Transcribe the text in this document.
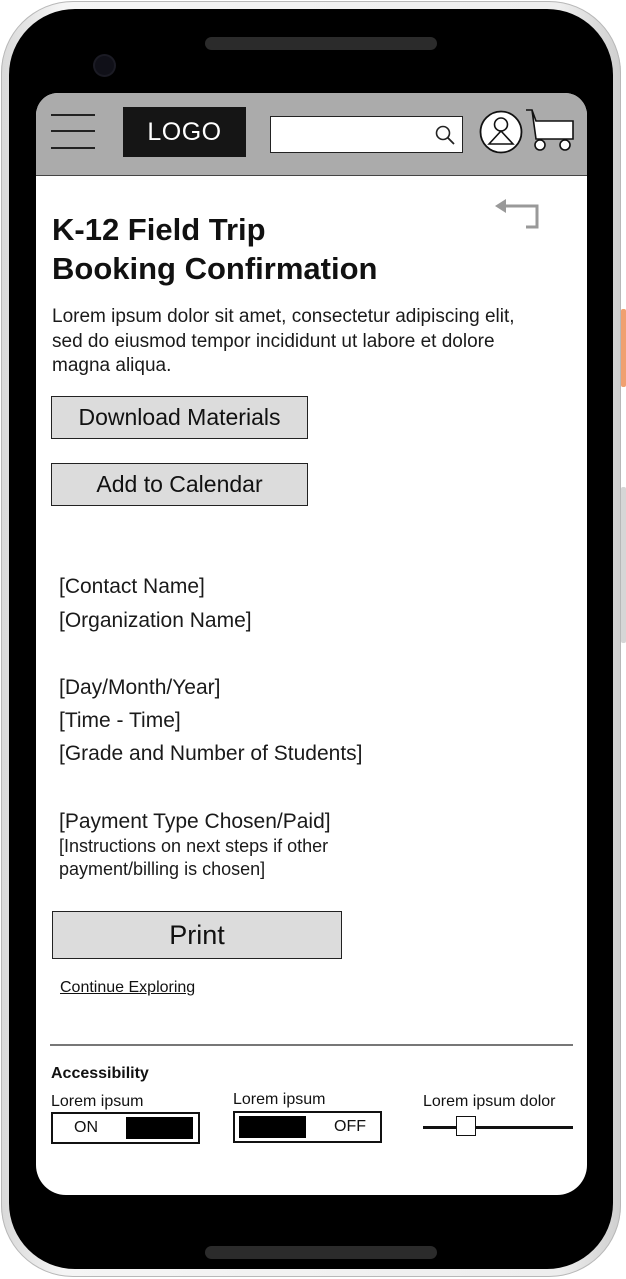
LOGO
K-12 Field Trip
Booking Confirmation

Lorem ipsum dolor sit amet, consectetur adipiscing elit, sed do eiusmod tempor incididunt ut labore et dolore magna aliqua.

Download Materials
Add to Calendar

[Contact Name]

[Organization Name]

[Day/Month/Year]

[Time - Time]

[Grade and Number of Students]

[Payment Type Chosen/Paid]

[Instructions on next steps if other payment/billing is chosen]

Print
Continue Exploring
Accessibility
Lorem ipsum
ON
Lorem ipsum
OFF
Lorem ipsum dolor
